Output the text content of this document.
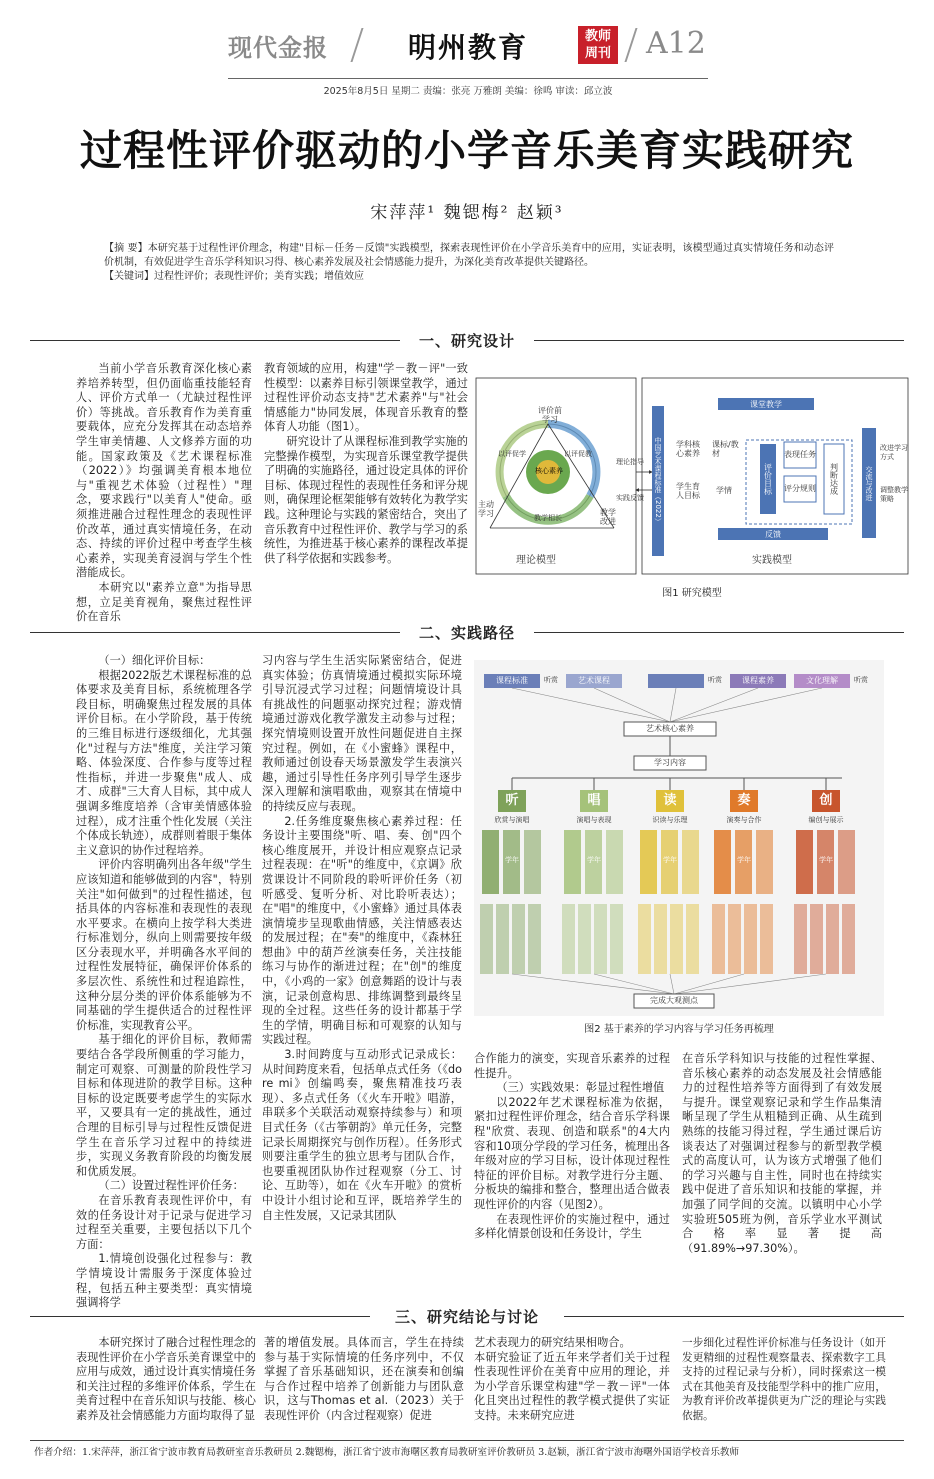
现代金报	明州教育	教师
周刊 A12
2025年8月5日 星期二 责编：张亮 万雅朗 美编：徐鸣 审读：邱立波
过程性评价驱动的小学音乐美育实践研究
宋萍萍¹ 魏锶梅² 赵颖³

【摘 要】本研究基于过程性评价理念，构建"目标－任务－反馈"实践模型，探索表现性评价在小学音乐美育中的应用，实证表明，该模型通过真实情境任务和动态评价机制，有效促进学生音乐学科知识习得、核心素养发展及社会情感能力提升，为深化美育改革提供关键路径。

【关键词】过程性评价；表现性评价；美育实践；增值效应

一、研究设计

当前小学音乐教育深化核心素养培养转型，但仍面临重技能轻育人、评价方式单一（尤缺过程性评价）等挑战。音乐教育作为美育重要载体，应充分发挥其在动态培养学生审美情趣、人文修养方面的功能。国家政策及《艺术课程标准（2022）》均强调美育根本地位与"重视艺术体验（过程性）"理念，要求践行"以美育人"使命。亟须推进融合过程性理念的表现性评价改革，通过真实情境任务，在动态、持续的评价过程中考查学生核心素养，实现美育浸润与学生个性潜能成长。

本研究以"素养立意"为指导思想，立足美育视角，聚焦过程性评价在音乐

教育领域的应用，构建"学－教－评"一致性模型：以素养目标引领课堂教学，通过过程性评价动态支持"艺术素养"与"社会情感能力"协同发展，体现音乐教育的整体育人功能（图1）。

研究设计了从课程标准到教学实施的完整操作模型，为实现音乐课堂教学提供了明确的实施路径，通过设定具体的评价目标、体现过程性的表现性任务和评分规则，确保理论框架能够有效转化为教学实践。这种理论与实践的紧密结合，突出了音乐教育中过程性评价、教学与学习的系统性，为推进基于核心素养的课程改革提供了科学依据和实践参考。

评价前学习
核心素养
以评促学	以评促教
教学相长
主动学习	教学改进
理论指导
实践反馈 中国艺术课程标准（2022）
课堂教学
学科核心素养
学生育人目标
课标/教材
学情	评价目标
表现任务
评分规则	判断达成
反馈
交流与改进
改进学习方式
调整教学策略
理论模型	实践模型
图1 研究模型
二、实践路径

（一）细化评价目标：

根据2022版艺术课程标准的总体要求及美育目标，系统梳理各学段目标，明确聚焦过程发展的具体评价目标。在小学阶段，基于传统的三维目标进行逐级细化，尤其强化"过程与方法"维度，关注学习策略、体验深度、合作参与度等过程性指标，并进一步聚焦"成人、成才、成群"三大育人目标，其中成人强调多维度培养（含审美情感体验过程），成才注重个性化发展（关注个体成长轨迹），成群则着眼于集体主义意识的协作过程培养。

评价内容明确列出各年级"学生应该知道和能够做到的内容"，特别关注"如何做到"的过程性描述，包括具体的内容标准和表现性的表现水平要求。在横向上按学科大类进行标准划分，纵向上则需要按年级区分表现水平，并明确各水平间的过程性发展特征，确保评价体系的多层次性、系统性和过程追踪性，这种分层分类的评价体系能够为不同基础的学生提供适合的过程性评价标准，实现教育公平。

基于细化的评价目标，教师需要结合各学段所侧重的学习能力，制定可观察、可测量的阶段性学习目标和体现进阶的教学目标。这种目标的设定既要考虑学生的实际水平，又要具有一定的挑战性，通过合理的目标引导与过程性反馈促进学生在音乐学习过程中的持续进步，实现义务教育阶段的均衡发展和优质发展。

（二）设置过程性评价任务：

在音乐教育表现性评价中，有效的任务设计对于记录与促进学习过程至关重要，主要包括以下几个方面：

1.情境创设强化过程参与：教学情境设计需服务于深度体验过程，包括五种主要类型：真实情境强调将学

习内容与学生生活实际紧密结合，促进真实体验；仿真情境通过模拟实际环境引导沉浸式学习过程；问题情境设计具有挑战性的问题驱动探究过程；游戏情境通过游戏化教学激发主动参与过程；探究情境则设置开放性问题促进自主探究过程。例如，在《小蜜蜂》课程中，教师通过创设春天场景激发学生表演兴趣，通过引导性任务序列引导学生逐步深入理解和演唱歌曲，观察其在情境中的持续反应与表现。

2.任务维度聚焦核心素养过程：任务设计主要围绕"听、唱、奏、创"四个核心维度展开，并设计相应观察点记录过程表现：在"听"的维度中，《京调》欣赏课设计不同阶段的聆听评价任务（初听感受、复听分析、对比聆听表达）；在"唱"的维度中，《小蜜蜂》通过具体表演情境步呈现歌曲情感，关注情感表达的发展过程；在"奏"的维度中，《森林狂想曲》中的葫芦丝演奏任务，关注技能练习与协作的渐进过程；在"创"的维度中，《小鸡的一家》创意舞蹈的设计与表演，记录创意构思、排练调整到最终呈现的全过程。这些任务的设计都基于学生的学情，明确目标和可观察的认知与实践过程。

3.时间跨度与互动形式记录成长：从时间跨度来看，包括单点式任务（《do re mi》创编鸣奏，聚焦精准技巧表现）、多点式任务（《火车开啦》唱游，串联多个关联活动观察持续参与）和项目式任务（《古筝朝韵》单元任务，完整记录长周期探究与创作历程）。任务形式则要注重学生的独立思考与团队合作，也要重视团队协作过程观察（分工、讨论、互助等），如在《火车开啦》的赏析中设计小组讨论和互评，既培养学生的自主性发展，又记录其团队

合作能力的演变，实现音乐素养的过程性提升。

（三）实践效果：彰显过程性增值

以2022年艺术课程标准为依据，紧扣过程性评价理念，结合音乐学科课程"欣赏、表现、创造和联系"的4大内容和10项分学段的学习任务，梳理出各年级对应的学习目标，设计体现过程性特征的评价目标。对教学进行分主题、分板块的编排和整合，整理出适合做表现性评价的内容（见图2）。

在表现性评价的实施过程中，通过多样化情景创设和任务设计，学生

在音乐学科知识与技能的过程性掌握、音乐核心素养的动态发展及社会情感能力的过程性培养等方面得到了有效发展与提升。课堂观察记录和学生作品集清晰呈现了学生从粗糙到正确、从生疏到熟练的技能习得过程，学生通过课后访谈表达了对强调过程参与的新型教学模式的高度认可，认为该方式增强了他们的学习兴趣与自主性，同时也在持续实践中促进了音乐知识和技能的掌握，并加强了同学间的交流。以镇明中心小学实验班505班为例，音乐学业水平测试合格率显著提高（91.89%→97.30%）。

艺术核心素养
学习内容
完成大观测点
课程标准	艺术课程	课程素养	文化理解
听赏	听赏	听赏
听
欣赏与演唱
学年
唱
演唱与表现
学年
读
识读与乐理
学年
奏
演奏与合作
学年
创
编创与展示
学年
图2 基于素养的学习内容与学习任务再梳理
三、研究结论与讨论

本研究探讨了融合过程性理念的表现性评价在小学音乐美育课堂中的应用与成效，通过设计真实情境任务和关注过程的多维评价体系，学生在美育过程中在音乐知识与技能、核心素养及社会情感能力方面均取得了显

著的增值发展。具体而言，学生在持续参与基于实际情境的任务序列中，不仅掌握了音乐基础知识，还在演奏和创编与合作过程中培养了创新能力与团队意识，这与Thomas et al.（2023）关于表现性评价（内含过程观察）促进

艺术表现力的研究结果相吻合。
本研究验证了近五年来学者们关于过程性表现性评价在美育中应用的理论，并为小学音乐课堂构建"学－教－评"一体化且突出过程性的教学模式提供了实证支持。未来研究应进

一步细化过程性评价标准与任务设计（如开发更精细的过程性观察量表、探索数字工具支持的过程记录与分析），同时探索这一模式在其他美育及技能型学科中的推广应用，为教育评价改革提供更为广泛的理论与实践依据。

作者介绍：1.宋萍萍，浙江省宁波市教育局教研室音乐教研员 2.魏锶梅，浙江省宁波市海曙区教育局教研室评价教研员 3.赵颖，浙江省宁波市海曙外国语学校音乐教师
